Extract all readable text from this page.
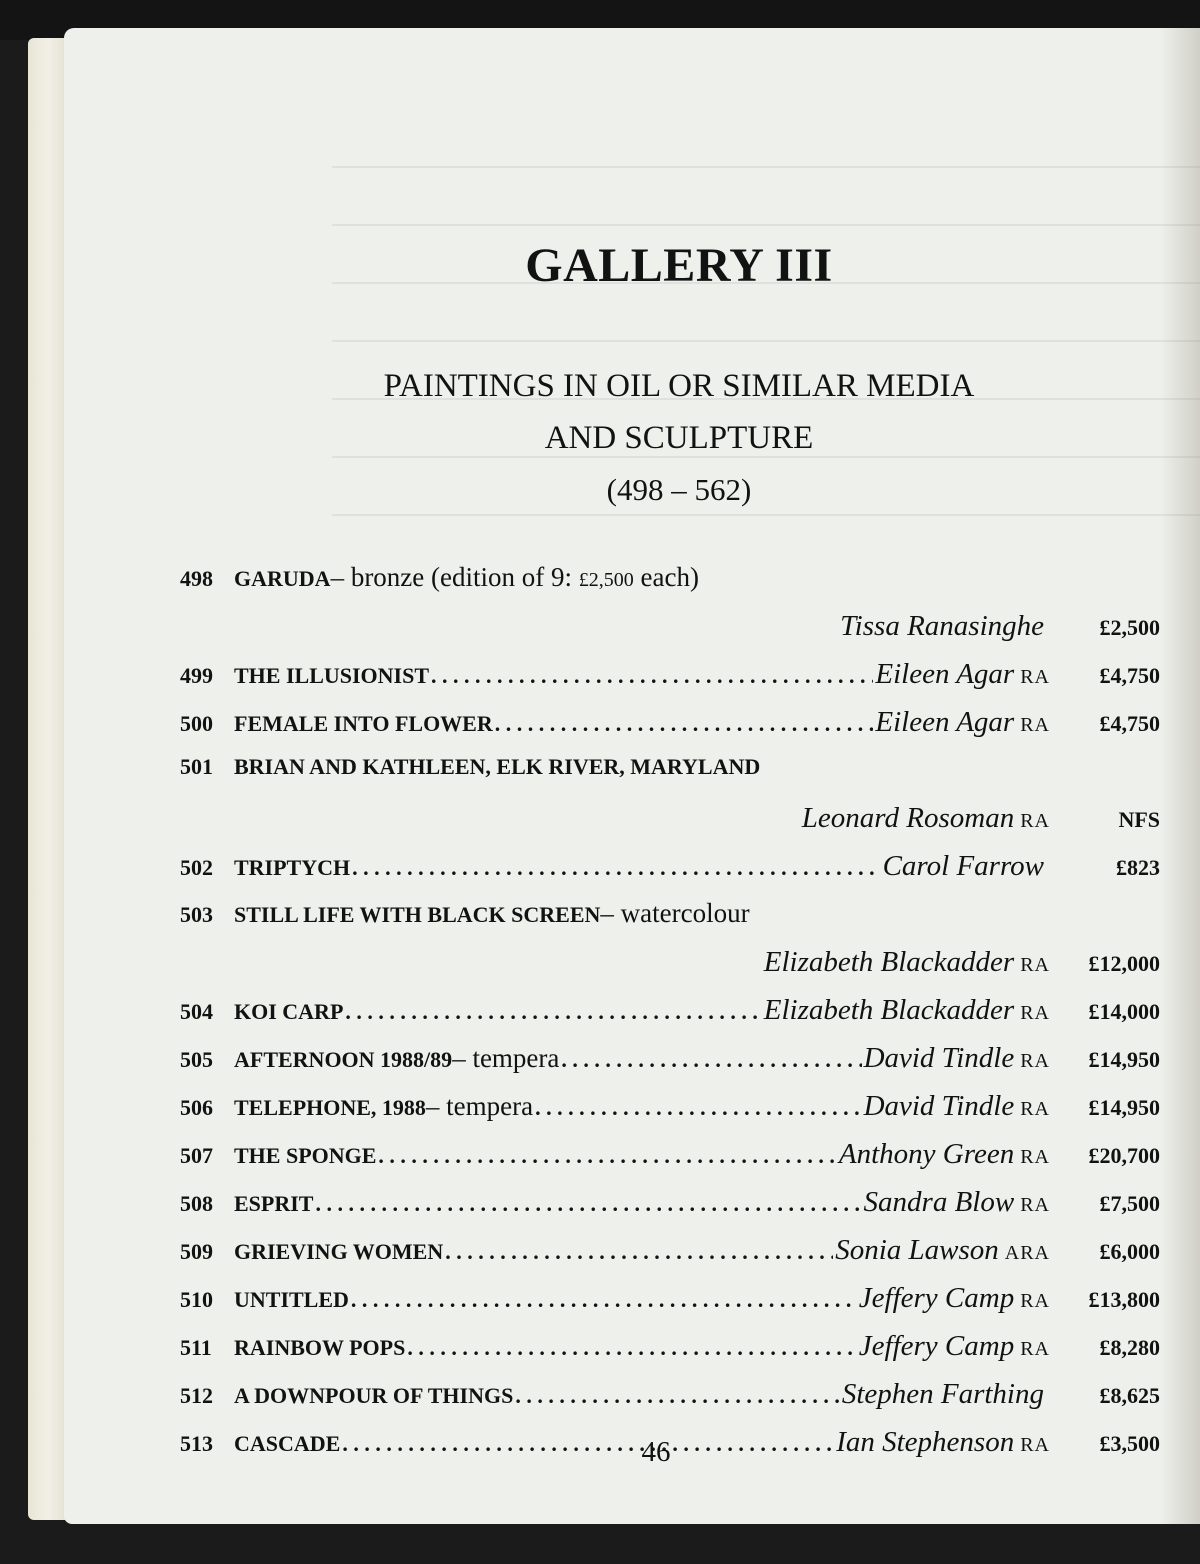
GALLERY III
PAINTINGS IN OIL OR SIMILAR MEDIA
AND SCULPTURE
(498 – 562)
498 GARUDA – bronze (edition of 9: £2,500 each)
Tissa Ranasinghe	£2,500
499 THE ILLUSIONIST . . .	Eileen Agar RA	£4,750
500 FEMALE INTO FLOWER . . .	Eileen Agar RA	£4,750
501 BRIAN AND KATHLEEN, ELK RIVER, MARYLAND
Leonard Rosoman RA	NFS
502 TRIPTYCH . . .	Carol Farrow	£823
503 STILL LIFE WITH BLACK SCREEN – watercolour
Elizabeth Blackadder RA	£12,000
504 KOI CARP . . .	Elizabeth Blackadder RA	£14,000
505 AFTERNOON 1988/89 – tempera . . .	David Tindle RA	£14,950
506 TELEPHONE, 1988 – tempera . . .	David Tindle RA	£14,950
507 THE SPONGE . . .	Anthony Green RA	£20,700
508 ESPRIT . . .	Sandra Blow RA	£7,500
509 GRIEVING WOMEN . . .	Sonia Lawson ARA	£6,000
510 UNTITLED . . .	Jeffery Camp RA	£13,800
511	RAINBOW POPS . . .	Jeffery Camp RA	£8,280
512 A DOWNPOUR OF THINGS . . .	Stephen Farthing	£8,625
513 CASCADE . . .	Ian Stephenson RA	£3,500
46
